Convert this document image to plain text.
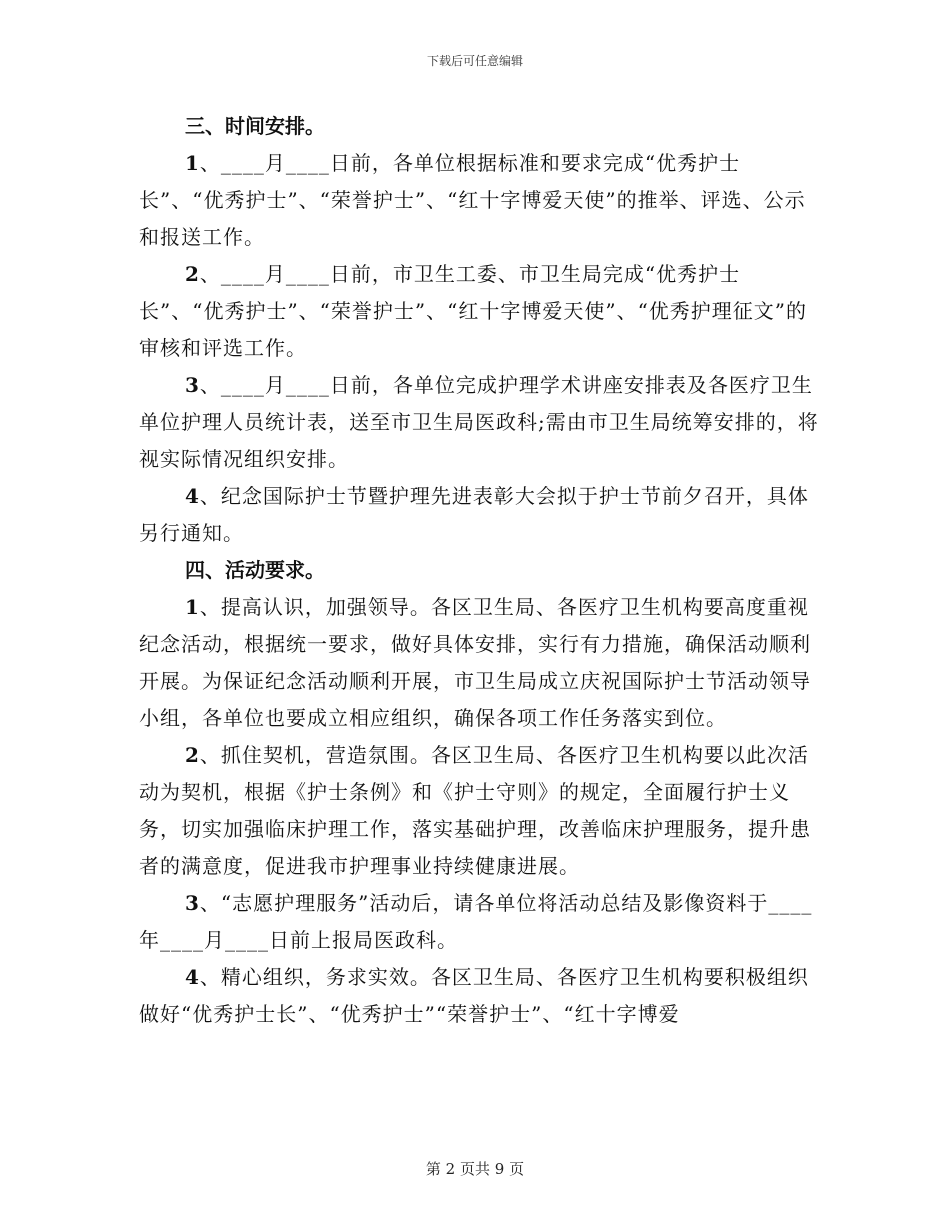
下载后可任意编辑

三、时间安排。

1、____月____日前，各单位根据标准和要求完成“优秀护士长”、“优秀护士”、“荣誉护士”、“红十字博爱天使”的推举、评选、公示和报送工作。

2、____月____日前，市卫生工委、市卫生局完成“优秀护士长”、“优秀护士”、“荣誉护士”、“红十字博爱天使”、“优秀护理征文”的审核和评选工作。

3、____月____日前，各单位完成护理学术讲座安排表及各医疗卫生单位护理人员统计表，送至市卫生局医政科;需由市卫生局统筹安排的，将视实际情况组织安排。

4、纪念国际护士节暨护理先进表彰大会拟于护士节前夕召开，具体另行通知。

四、活动要求。

1、提高认识，加强领导。各区卫生局、各医疗卫生机构要高度重视纪念活动，根据统一要求，做好具体安排，实行有力措施，确保活动顺利开展。为保证纪念活动顺利开展，市卫生局成立庆祝国际护士节活动领导小组，各单位也要成立相应组织，确保各项工作任务落实到位。

2、抓住契机，营造氛围。各区卫生局、各医疗卫生机构要以此次活动为契机，根据《护士条例》和《护士守则》的规定，全面履行护士义务，切实加强临床护理工作，落实基础护理，改善临床护理服务，提升患者的满意度，促进我市护理事业持续健康进展。

3、“志愿护理服务”活动后，请各单位将活动总结及影像资料于____年____月____日前上报局医政科。

4、精心组织，务求实效。各区卫生局、各医疗卫生机构要积极组织做好“优秀护士长”、“优秀护士”“荣誉护士”、“红十字博爱

第 2 页共 9 页
